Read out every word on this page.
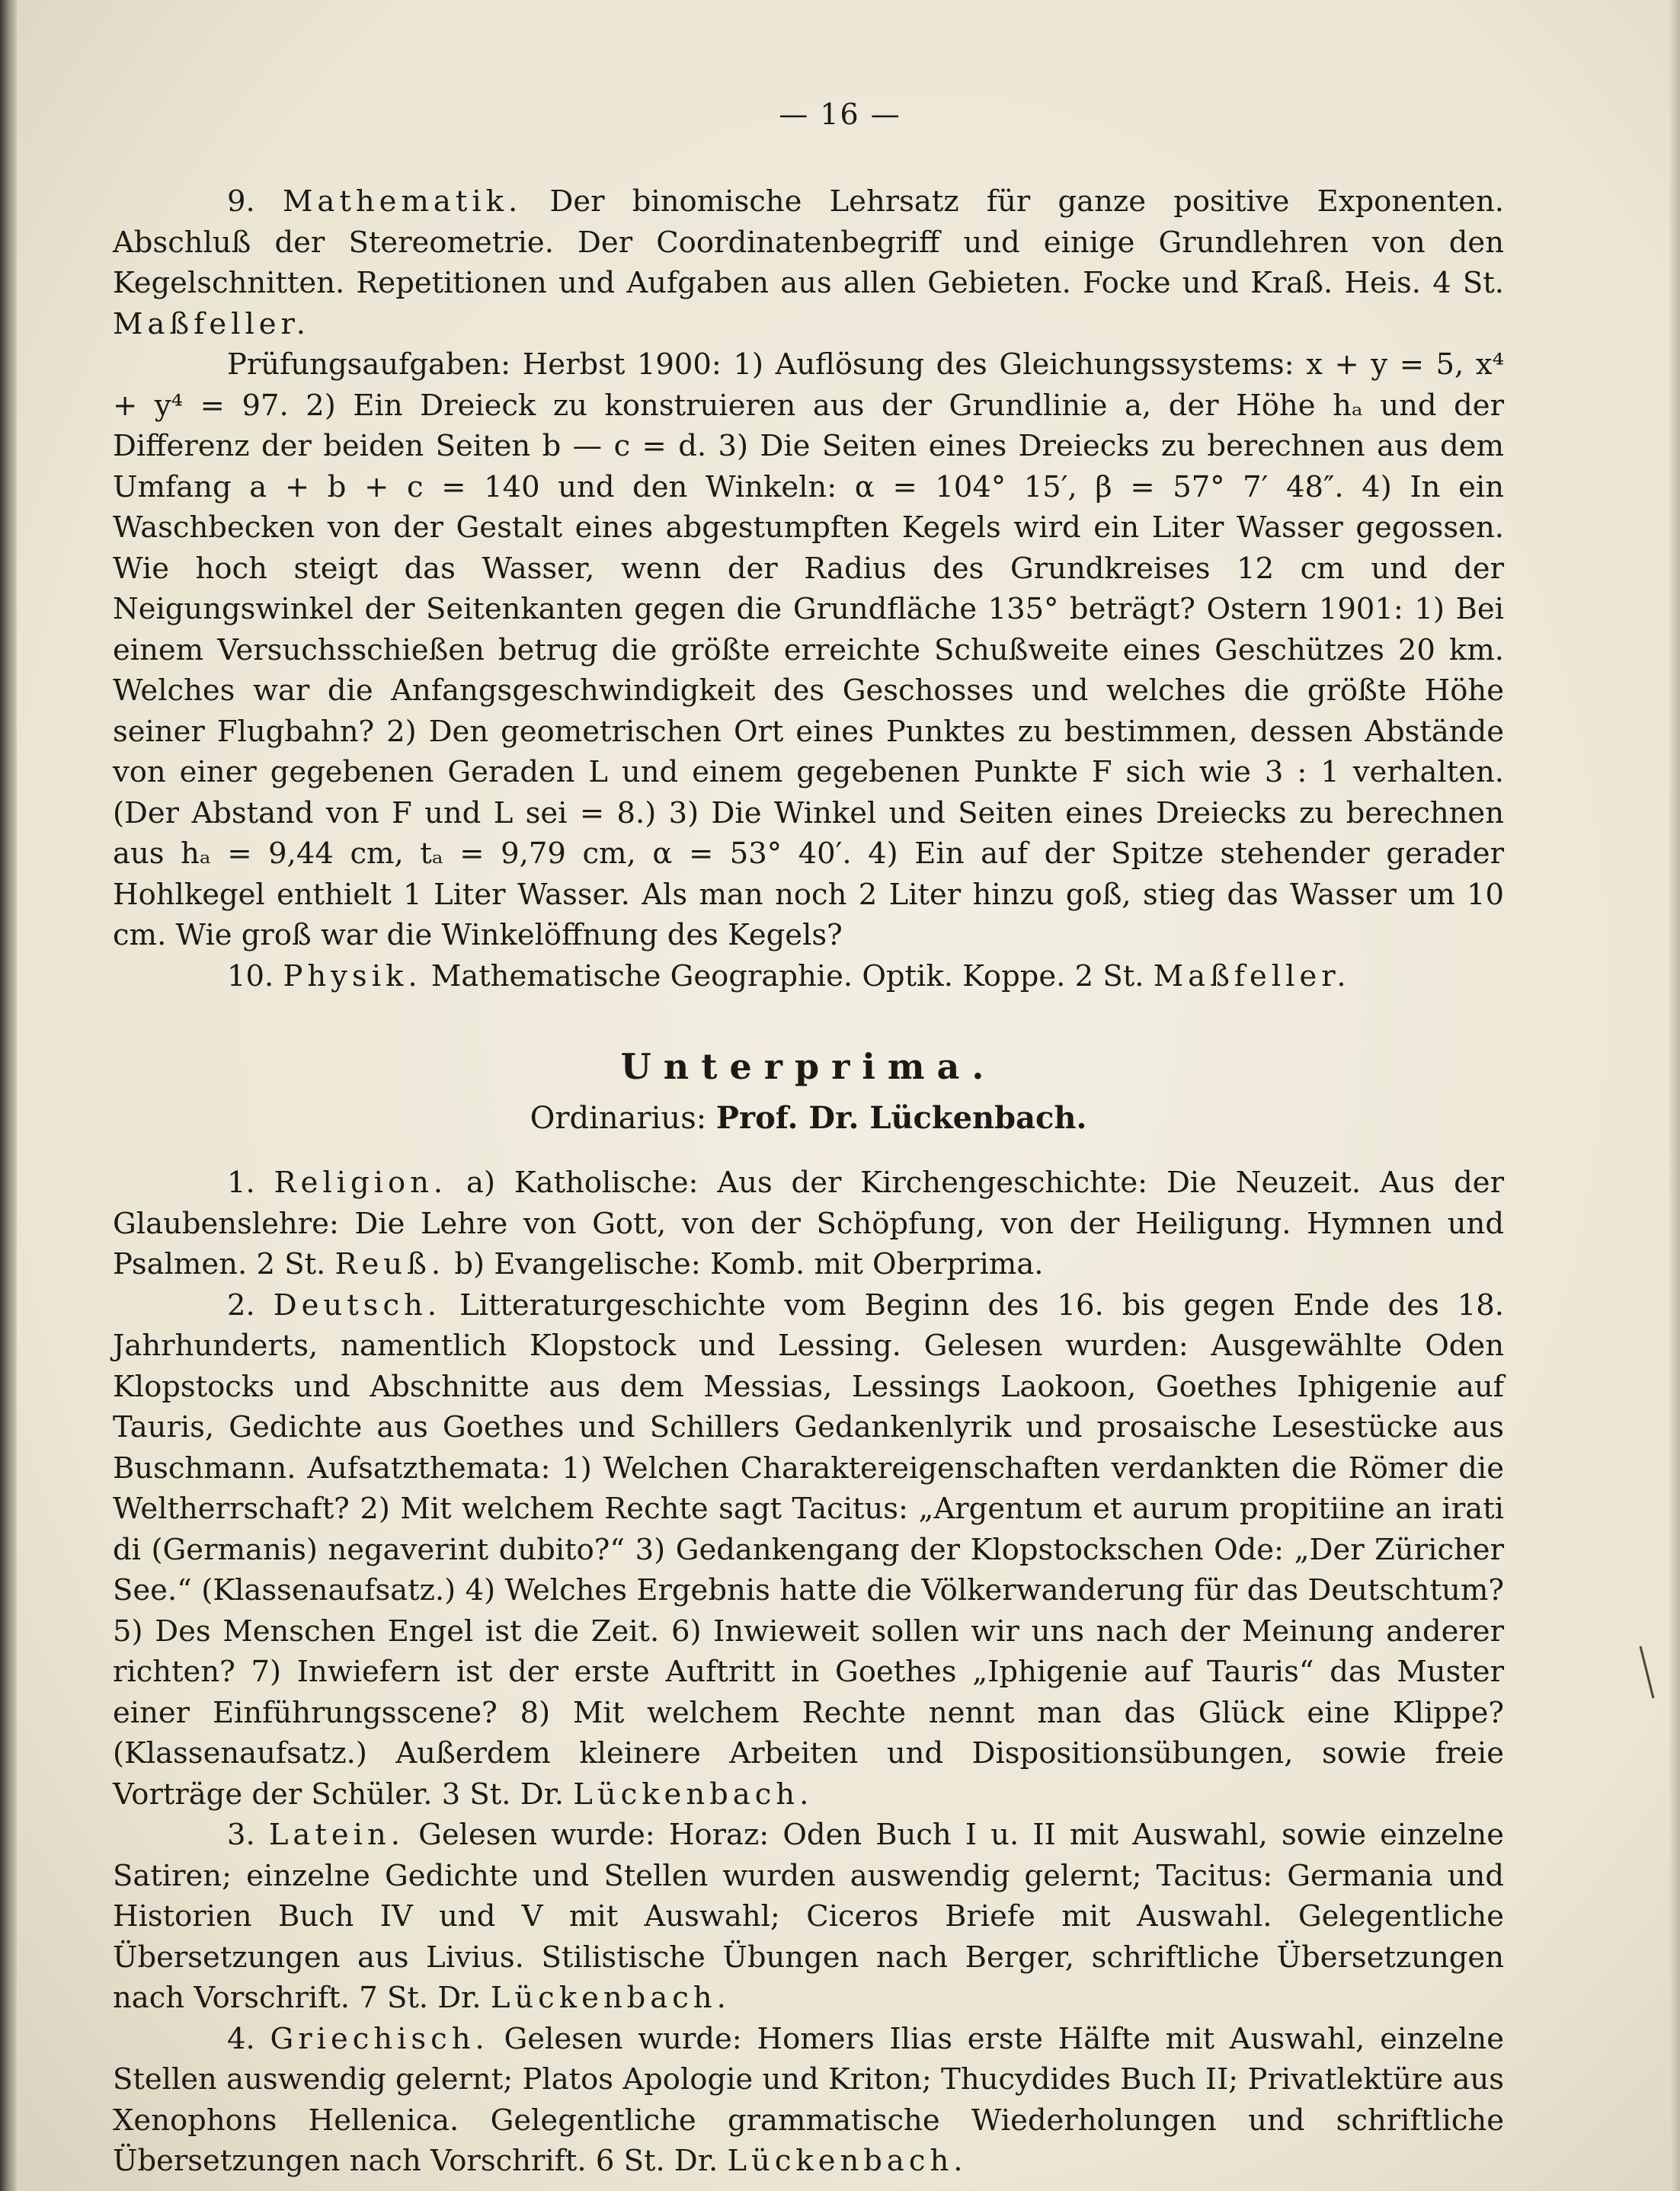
— 16 —

9. Mathematik. Der binomische Lehrsatz für ganze positive Exponenten. Abschluß der Stereometrie. Der Coordinatenbegriff und einige Grundlehren von den Kegelschnitten. Repetitionen und Aufgaben aus allen Gebieten. Focke und Kraß. Heis. 4 St. Maßfeller.

Prüfungsaufgaben: Herbst 1900: 1) Auflösung des Gleichungssystems: x + y = 5, x⁴ + y⁴ = 97. 2) Ein Dreieck zu konstruieren aus der Grundlinie a, der Höhe hₐ und der Differenz der beiden Seiten b — c = d. 3) Die Seiten eines Dreiecks zu berechnen aus dem Umfang a + b + c = 140 und den Winkeln: α = 104° 15′, β = 57° 7′ 48″. 4) In ein Waschbecken von der Gestalt eines abgestumpften Kegels wird ein Liter Wasser gegossen. Wie hoch steigt das Wasser, wenn der Radius des Grundkreises 12 cm und der Neigungswinkel der Seitenkanten gegen die Grundfläche 135° beträgt? Ostern 1901: 1) Bei einem Versuchsschießen betrug die größte erreichte Schußweite eines Geschützes 20 km. Welches war die Anfangsgeschwindigkeit des Geschosses und welches die größte Höhe seiner Flugbahn? 2) Den geometrischen Ort eines Punktes zu bestimmen, dessen Abstände von einer gegebenen Geraden L und einem gegebenen Punkte F sich wie 3 : 1 verhalten. (Der Abstand von F und L sei = 8.) 3) Die Winkel und Seiten eines Dreiecks zu berechnen aus hₐ = 9,44 cm, tₐ = 9,79 cm, α = 53° 40′. 4) Ein auf der Spitze stehender gerader Hohlkegel enthielt 1 Liter Wasser. Als man noch 2 Liter hinzu goß, stieg das Wasser um 10 cm. Wie groß war die Winkelöffnung des Kegels?

10. Physik. Mathematische Geographie. Optik. Koppe. 2 St. Maßfeller.

Unterprima.
Ordinarius: Prof. Dr. Lückenbach.

1. Religion. a) Katholische: Aus der Kirchengeschichte: Die Neuzeit. Aus der Glaubenslehre: Die Lehre von Gott, von der Schöpfung, von der Heiligung. Hymnen und Psalmen. 2 St. Reuß. b) Evangelische: Komb. mit Oberprima.

2. Deutsch. Litteraturgeschichte vom Beginn des 16. bis gegen Ende des 18. Jahrhunderts, namentlich Klopstock und Lessing. Gelesen wurden: Ausgewählte Oden Klopstocks und Abschnitte aus dem Messias, Lessings Laokoon, Goethes Iphigenie auf Tauris, Gedichte aus Goethes und Schillers Gedankenlyrik und prosaische Lesestücke aus Buschmann. Aufsatzthemata: 1) Welchen Charaktereigenschaften verdankten die Römer die Weltherrschaft? 2) Mit welchem Rechte sagt Tacitus: „Argentum et aurum propitiine an irati di (Germanis) negaverint dubito?“ 3) Gedankengang der Klopstockschen Ode: „Der Züricher See.“ (Klassenaufsatz.) 4) Welches Ergebnis hatte die Völkerwanderung für das Deutschtum? 5) Des Menschen Engel ist die Zeit. 6) Inwieweit sollen wir uns nach der Meinung anderer richten? 7) Inwiefern ist der erste Auftritt in Goethes „Iphigenie auf Tauris“ das Muster einer Einführungsscene? 8) Mit welchem Rechte nennt man das Glück eine Klippe? (Klassenaufsatz.) Außerdem kleinere Arbeiten und Dispositionsübungen, sowie freie Vorträge der Schüler. 3 St. Dr. Lückenbach.

3. Latein. Gelesen wurde: Horaz: Oden Buch I u. II mit Auswahl, sowie einzelne Satiren; einzelne Gedichte und Stellen wurden auswendig gelernt; Tacitus: Germania und Historien Buch IV und V mit Auswahl; Ciceros Briefe mit Auswahl. Gelegentliche Übersetzungen aus Livius. Stilistische Übungen nach Berger, schriftliche Übersetzungen nach Vorschrift. 7 St. Dr. Lückenbach.

4. Griechisch. Gelesen wurde: Homers Ilias erste Hälfte mit Auswahl, einzelne Stellen auswendig gelernt; Platos Apologie und Kriton; Thucydides Buch II; Privatlektüre aus Xenophons Hellenica. Gelegentliche grammatische Wiederholungen und schriftliche Übersetzungen nach Vorschrift. 6 St. Dr. Lückenbach.
